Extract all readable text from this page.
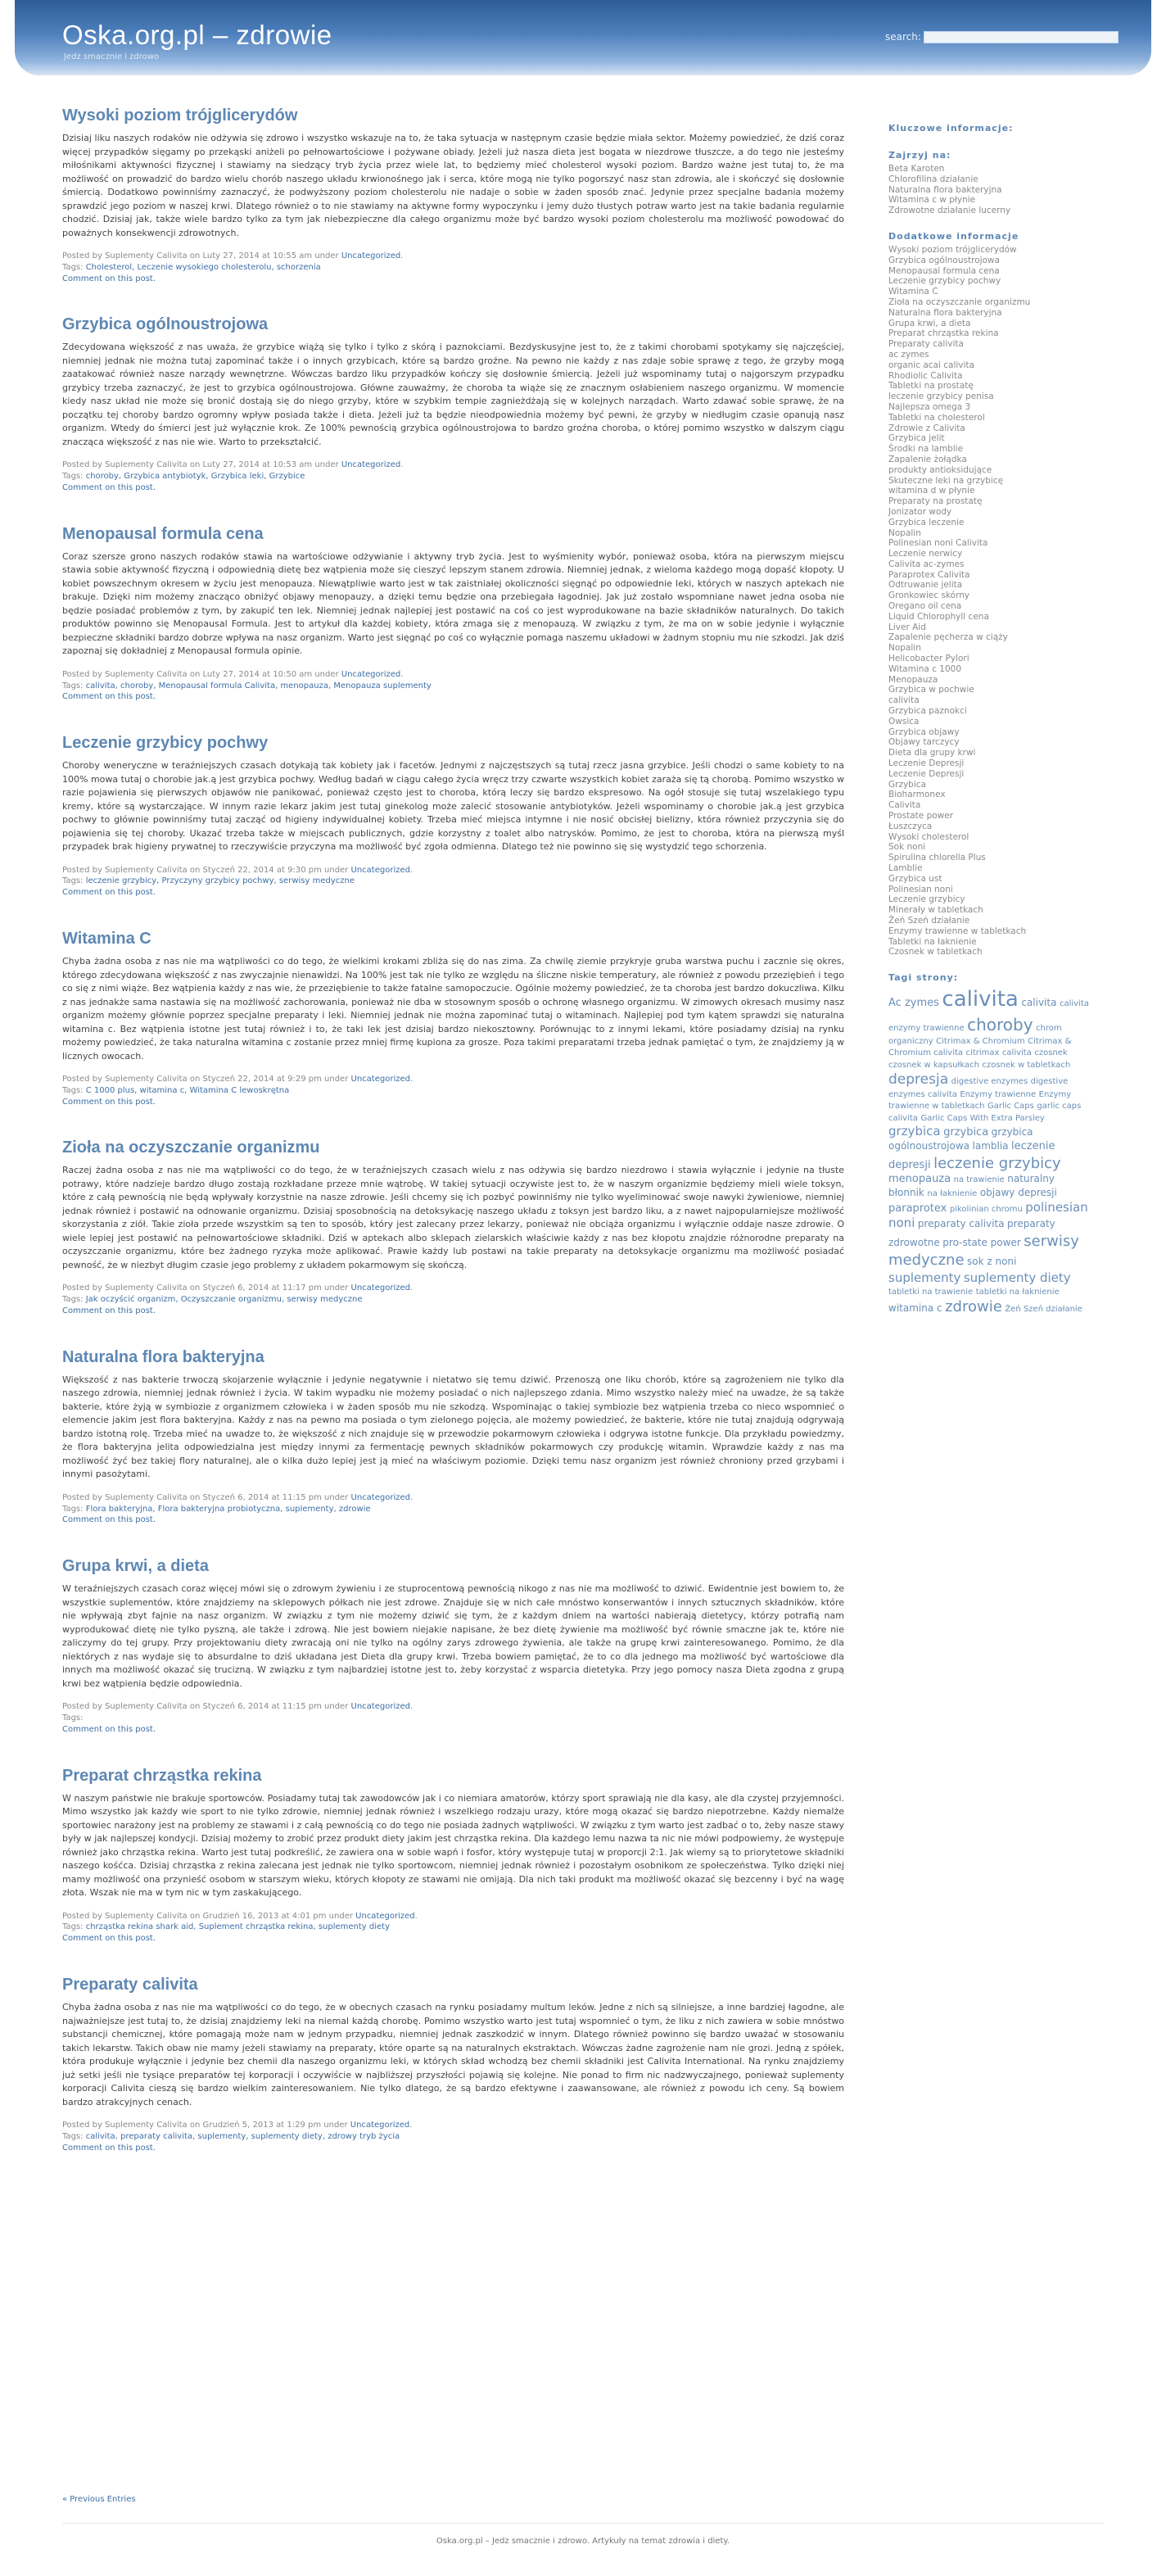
Oska.org.pl – zdrowie
Jedz smacznie i zdrowo
search:
Wysoki poziom trójglicerydów

Dzisiaj liku naszych rodaków nie odżywia się zdrowo i wszystko wskazuje na to, że taka sytuacja w następnym czasie będzie miała sektor. Możemy powiedzieć, że dziś coraz więcej przypadków sięgamy po przekąski aniżeli po pełnowartościowe i pożywane obiady. Jeżeli już nasza dieta jest bogata w niezdrowe tłuszcze, a do tego nie jesteśmy miłośnikami aktywności fizycznej i stawiamy na siedzący tryb życia przez wiele lat, to będziemy mieć cholesterol wysoki poziom. Bardzo ważne jest tutaj to, że ma możliwość on prowadzić do bardzo wielu chorób naszego układu krwionośnego jak i serca, które mogą nie tylko pogorszyć nasz stan zdrowia, ale i skończyć się dosłownie śmiercią. Dodatkowo powinniśmy zaznaczyć, że podwyższony poziom cholesterolu nie nadaje o sobie w żaden sposób znać. Jedynie przez specjalne badania możemy sprawdzić jego poziom w naszej krwi. Dlatego również o to nie stawiamy na aktywne formy wypoczynku i jemy dużo tłustych potraw warto jest na takie badania regularnie chodzić. Dzisiaj jak, także wiele bardzo tylko za tym jak niebezpieczne dla całego organizmu może być bardzo wysoki poziom cholesterolu ma możliwość powodować do poważnych konsekwencji zdrowotnych.

Posted by Suplementy Calivita on Luty 27, 2014 at 10:55 am under Uncategorized.
Tags: Cholesterol, Leczenie wysokiego cholesterolu, schorzenia
Comment on this post.
Grzybica ogólnoustrojowa

Zdecydowana większość z nas uważa, że grzybice wiążą się tylko i tylko z skórą i paznokciami. Bezdyskusyjne jest to, że z takimi chorobami spotykamy się najczęściej, niemniej jednak nie można tutaj zapominać także i o innych grzybicach, które są bardzo groźne. Na pewno nie każdy z nas zdaje sobie sprawę z tego, że grzyby mogą zaatakować również nasze narządy wewnętrzne. Wówczas bardzo liku przypadków kończy się dosłownie śmiercią. Jeżeli już wspominamy tutaj o najgorszym przypadku grzybicy trzeba zaznaczyć, że jest to grzybica ogólnoustrojowa. Główne zauważmy, że choroba ta wiąże się ze znacznym osłabieniem naszego organizmu. W momencie kiedy nasz układ nie może się bronić dostają się do niego grzyby, które w szybkim tempie zagnieżdżają się w kolejnych narządach. Warto zdawać sobie sprawę, że na początku tej choroby bardzo ogromny wpływ posiada także i dieta. Jeżeli już ta będzie nieodpowiednia możemy być pewni, że grzyby w niedługim czasie opanują nasz organizm. Wtedy do śmierci jest już wyłącznie krok. Ze 100% pewnością grzybica ogólnoustrojowa to bardzo groźna choroba, o której pomimo wszystko w dalszym ciągu znacząca większość z nas nie wie. Warto to przekształcić.

Posted by Suplementy Calivita on Luty 27, 2014 at 10:53 am under Uncategorized.
Tags: choroby, Grzybica antybiotyk, Grzybica leki, Grzybice
Comment on this post.
Menopausal formula cena

Coraz szersze grono naszych rodaków stawia na wartościowe odżywianie i aktywny tryb życia. Jest to wyśmienity wybór, ponieważ osoba, która na pierwszym miejscu stawia sobie aktywność fizyczną i odpowiednią dietę bez wątpienia może się cieszyć lepszym stanem zdrowia. Niemniej jednak, z wieloma każdego mogą dopaść kłopoty. U kobiet powszechnym okresem w życiu jest menopauza. Niewątpliwie warto jest w tak zaistniałej okoliczności sięgnąć po odpowiednie leki, których w naszych aptekach nie brakuje. Dzięki nim możemy znacząco obniżyć objawy menopauzy, a dzięki temu będzie ona przebiegała łagodniej. Jak już zostało wspomniane nawet jedna osoba nie będzie posiadać problemów z tym, by zakupić ten lek. Niemniej jednak najlepiej jest postawić na coś co jest wyprodukowane na bazie składników naturalnych. Do takich produktów powinno się Menopausal Formula. Jest to artykuł dla każdej kobiety, która zmaga się z menopauzą. W związku z tym, że ma on w sobie jedynie i wyłącznie bezpieczne składniki bardzo dobrze wpływa na nasz organizm. Warto jest sięgnąć po coś co wyłącznie pomaga naszemu układowi w żadnym stopniu mu nie szkodzi. Jak dziś zapoznaj się dokładniej z Menopausal formula opinie.

Posted by Suplementy Calivita on Luty 27, 2014 at 10:50 am under Uncategorized.
Tags: calivita, choroby, Menopausal formula Calivita, menopauza, Menopauza suplementy
Comment on this post.
Leczenie grzybicy pochwy

Choroby weneryczne w teraźniejszych czasach dotykają tak kobiety jak i facetów. Jednymi z najczęstszych są tutaj rzecz jasna grzybice. Jeśli chodzi o same kobiety to na 100% mowa tutaj o chorobie jak.ą jest grzybica pochwy. Według badań w ciągu całego życia wręcz trzy czwarte wszystkich kobiet zaraża się tą chorobą. Pomimo wszystko w razie pojawienia się pierwszych objawów nie panikować, ponieważ często jest to choroba, którą leczy się bardzo ekspresowo. Na ogół stosuje się tutaj wszelakiego typu kremy, które są wystarczające. W innym razie lekarz jakim jest tutaj ginekolog może zalecić stosowanie antybiotyków. Jeżeli wspominamy o chorobie jak.ą jest grzybica pochwy to głównie powinniśmy tutaj zacząć od higieny indywidualnej kobiety. Trzeba mieć miejsca intymne i nie nosić obcisłej bielizny, która również przyczynia się do pojawienia się tej choroby. Ukazać trzeba także w miejscach publicznych, gdzie korzystny z toalet albo natrysków. Pomimo, że jest to choroba, która na pierwszą myśl przypadek brak higieny prywatnej to rzeczywiście przyczyna ma możliwość być zgoła odmienna. Dlatego też nie powinno się się wystydzić tego schorzenia.

Posted by Suplementy Calivita on Styczeń 22, 2014 at 9:30 pm under Uncategorized.
Tags: leczenie grzybicy, Przyczyny grzybicy pochwy, serwisy medyczne
Comment on this post.
Witamina C

Chyba żadna osoba z nas nie ma wątpliwości co do tego, że wielkimi krokami zbliża się do nas zima. Za chwilę ziemie przykryje gruba warstwa puchu i zacznie się okres, którego zdecydowana większość z nas zwyczajnie nienawidzi. Na 100% jest tak nie tylko ze względu na śliczne niskie temperatury, ale również z powodu przeziębień i tego co się z nimi wiąże. Bez wątpienia każdy z nas wie, że przeziębienie to także fatalne samopoczucie. Ogólnie możemy powiedzieć, że ta choroba jest bardzo dokuczliwa. Kilku z nas jednakże sama nastawia się na możliwość zachorowania, ponieważ nie dba w stosownym sposób o ochronę własnego organizmu. W zimowych okresach musimy nasz organizm możemy głównie poprzez specjalne preparaty i leki. Niemniej jednak nie można zapominać tutaj o witaminach. Najlepiej pod tym kątem sprawdzi się naturalna witamina c. Bez wątpienia istotne jest tutaj również i to, że taki lek jest dzisiaj bardzo niekosztowny. Porównując to z innymi lekami, które posiadamy dzisiaj na rynku możemy powiedzieć, że taka naturalna witamina c zostanie przez mniej firmę kupiona za grosze. Poza takimi preparatami trzeba jednak pamiętać o tym, że znajdziemy ją w licznych owocach.

Posted by Suplementy Calivita on Styczeń 22, 2014 at 9:29 pm under Uncategorized.
Tags: C 1000 plus, witamina c, Witamina C lewoskrętna
Comment on this post.
Zioła na oczyszczanie organizmu

Raczej żadna osoba z nas nie ma wątpliwości co do tego, że w teraźniejszych czasach wielu z nas odżywia się bardzo niezdrowo i stawia wyłącznie i jedynie na tłuste potrawy, które nadzieje bardzo długo zostają rozkładane przeze mnie wątrobę. W takiej sytuacji oczywiste jest to, że w naszym organizmie będziemy mieli wiele toksyn, które z całą pewnością nie będą wpływały korzystnie na nasze zdrowie. Jeśli chcemy się ich pozbyć powinniśmy nie tylko wyeliminować swoje nawyki żywieniowe, niemniej jednak również i postawić na odnowanie organizmu. Dzisiaj sposobnością na detoksykację naszego układu z toksyn jest bardzo liku, a z nawet najpopularniejsze możliwość skorzystania z ziół. Takie zioła przede wszystkim są ten to sposób, który jest zalecany przez lekarzy, ponieważ nie obciąża organizmu i wyłącznie oddaje nasze zdrowie. O wiele lepiej jest postawić na pełnowartościowe składniki. Dziś w aptekach albo sklepach zielarskich właściwie każdy z nas bez kłopotu znajdzie różnorodne preparaty na oczyszczanie organizmu, które bez żadnego ryzyka może aplikować. Prawie każdy lub postawi na takie preparaty na detoksykacje organizmu ma możliwość posiadać pewność, że w niezbyt długim czasie jego problemy z układem pokarmowym się skończą.

Posted by Suplementy Calivita on Styczeń 6, 2014 at 11:17 pm under Uncategorized.
Tags: Jak oczyścić organizm, Oczyszczanie organizmu, serwisy medyczne
Comment on this post.
Naturalna flora bakteryjna

Większość z nas bakterie trwoczą skojarzenie wyłącznie i jedynie negatywnie i nietatwo się temu dziwić. Przenoszą one liku chorób, które są zagrożeniem nie tylko dla naszego zdrowia, niemniej jednak również i życia. W takim wypadku nie możemy posiadać o nich najlepszego zdania. Mimo wszystko należy mieć na uwadze, że są także bakterie, które żyją w symbiozie z organizmem człowieka i w żaden sposób mu nie szkodzą. Wspominając o takiej symbiozie bez wątpienia trzeba co nieco wspomnieć o elemencie jakim jest flora bakteryjna. Każdy z nas na pewno ma posiada o tym zielonego pojęcia, ale możemy powiedzieć, że bakterie, które nie tutaj znajdują odgrywają bardzo istotną rolę. Trzeba mieć na uwadze to, że większość z nich znajduje się w przewodzie pokarmowym człowieka i odgrywa istotne funkcje. Dla przykładu powiedzmy, że flora bakteryjna jelita odpowiedzialna jest między innymi za fermentację pewnych składników pokarmowych czy produkcję witamin. Wprawdzie każdy z nas ma możliwość żyć bez takiej flory naturalnej, ale o kilka dużo lepiej jest ją mieć na właściwym poziomie. Dzięki temu nasz organizm jest również chroniony przed grzybami i innymi pasożytami.

Posted by Suplementy Calivita on Styczeń 6, 2014 at 11:15 pm under Uncategorized.
Tags: Flora bakteryjna, Flora bakteryjna probiotyczna, suplementy, zdrowie
Comment on this post.
Grupa krwi, a dieta

W teraźniejszych czasach coraz więcej mówi się o zdrowym żywieniu i ze stuprocentową pewnością nikogo z nas nie ma możliwość to dziwić. Ewidentnie jest bowiem to, że wszystkie suplementów, które znajdziemy na sklepowych półkach nie jest zdrowe. Znajduje się w nich całe mnóstwo konserwantów i innych sztucznych składników, które nie wpływają zbyt fajnie na nasz organizm. W związku z tym nie możemy dziwić się tym, że z każdym dniem na wartości nabierają dietetycy, którzy potrafią nam wyprodukować dietę nie tylko pyszną, ale także i zdrową. Nie jest bowiem niejakie napisane, że bez dietę żywienie ma możliwość być równie smaczne jak te, które nie zaliczymy do tej grupy. Przy projektowaniu diety zwracają oni nie tylko na ogólny zarys zdrowego żywienia, ale także na grupę krwi zainteresowanego. Pomimo, że dla niektórych z nas wydaje się to absurdalne to dziś układana jest Dieta dla grupy krwi. Trzeba bowiem pamiętać, że to co dla jednego ma możliwość być wartościowe dla innych ma możliwość okazać się trucizną. W związku z tym najbardziej istotne jest to, żeby korzystać z wsparcia dietetyka. Przy jego pomocy nasza Dieta zgodna z grupą krwi bez wątpienia będzie odpowiednia.

Posted by Suplementy Calivita on Styczeń 6, 2014 at 11:15 pm under Uncategorized.
Tags:
Comment on this post.
Preparat chrząstka rekina

W naszym państwie nie brakuje sportowców. Posiadamy tutaj tak zawodowców jak i co niemiara amatorów, którzy sport sprawiają nie dla kasy, ale dla czystej przyjemności. Mimo wszystko jak każdy wie sport to nie tylko zdrowie, niemniej jednak również i wszelkiego rodzaju urazy, które mogą okazać się bardzo niepotrzebne. Każdy niemalże sportowiec narażony jest na problemy ze stawami i z całą pewnością co do tego nie posiada żadnych wątpliwości. W związku z tym warto jest zadbać o to, żeby nasze stawy były w jak najlepszej kondycji. Dzisiaj możemy to zrobić przez produkt diety jakim jest chrząstka rekina. Dla każdego lemu nazwa ta nic nie mówi podpowiemy, że występuje również jako chrząstka rekina. Warto jest tutaj podkreślić, że zawiera ona w sobie wapń i fosfor, który występuje tutaj w proporcji 2:1. Jak wiemy są to priorytetowe składniki naszego kośćca. Dzisiaj chrząstka z rekina zalecana jest jednak nie tylko sportowcom, niemniej jednak również i pozostałym osobnikom ze społeczeństwa. Tylko dzięki niej mamy możliwość ona przynieść osobom w starszym wieku, których kłopoty ze stawami nie omijają. Dla nich taki produkt ma możliwość okazać się bezcenny i być na wagę złota. Wszak nie ma w tym nic w tym zaskakującego.

Posted by Suplementy Calivita on Grudzień 16, 2013 at 4:01 pm under Uncategorized.
Tags: chrząstka rekina shark aid, Suplement chrząstka rekina, suplementy diety
Comment on this post.
Preparaty calivita

Chyba żadna osoba z nas nie ma wątpliwości co do tego, że w obecnych czasach na rynku posiadamy multum leków. Jedne z nich są silniejsze, a inne bardziej łagodne, ale najważniejsze jest tutaj to, że dzisiaj znajdziemy leki na niemal każdą chorobę. Pomimo wszystko warto jest tutaj wspomnieć o tym, że liku z nich zawiera w sobie mnóstwo substancji chemicznej, które pomagają może nam w jednym przypadku, niemniej jednak zaszkodzić w innym. Dlatego również powinno się bardzo uważać w stosowaniu takich lekarstw. Takich obaw nie mamy jeżeli stawiamy na preparaty, które oparte są na naturalnych ekstraktach. Wówczas żadne zagrożenie nam nie grozi. Jedną z spółek, która produkuje wyłącznie i jedynie bez chemii dla naszego organizmu leki, w których skład wchodzą bez chemii składniki jest Calivita International. Na rynku znajdziemy już setki jeśli nie tysiące preparatów tej korporacji i oczywiście w najbliższej przyszłości pojawią się kolejne. Nie ponad to firm nic nadzwyczajnego, ponieważ suplementy korporacji Calivita cieszą się bardzo wielkim zainteresowaniem. Nie tylko dlatego, że są bardzo efektywne i zaawansowane, ale również z powodu ich ceny. Są bowiem bardzo atrakcyjnych cenach.

Posted by Suplementy Calivita on Grudzień 5, 2013 at 1:29 pm under Uncategorized.
Tags: calivita, preparaty calivita, suplementy, suplementy diety, zdrowy tryb życia
Comment on this post.
« Previous Entries
Oska.org.pl – Jedz smacznie i zdrowo. Artykuły na temat zdrowia i diety.
Kluczowe informacje:
Zajrzyj na:
Beta Karoten
Chlorofilina działanie
Naturalna flora bakteryjna
Witamina c w płynie
Zdrowotne działanie lucerny
Dodatkowe informacje
Wysoki poziom trójglicerydów
Grzybica ogólnoustrojowa
Menopausal formula cena
Leczenie grzybicy pochwy
Witamina C
Zioła na oczyszczanie organizmu
Naturalna flora bakteryjna
Grupa krwi, a dieta
Preparat chrząstka rekina
Preparaty calivita
ac zymes
organic acai calivita
Rhodiolic Calivita
Tabletki na prostatę
leczenie grzybicy penisa
Najlepsza omega 3
Tabletki na cholesterol
Zdrowie z Calivita
Grzybica jelit
Środki na lamblie
Zapalenie żołądka
produkty antioksidujące
Skuteczne leki na grzybicę
witamina d w płynie
Preparaty na prostatę
Jonizator wody
Grzybica leczenie
Nopalin
Polinesian noni Calivita
Leczenie nerwicy
Calivita ac-zymes
Paraprotex Calivita
Odtruwanie jelita
Gronkowiec skórny
Oregano oil cena
Liquid Chlorophyll cena
Liver Aid
Zapalenie pęcherza w ciąży
Nopalin
Helicobacter Pylori
Witamina c 1000
Menopauza
Grzybica w pochwie
calivita
Grzybica paznokci
Owsica
Grzybica objawy
Objawy tarczycy
Dieta dla grupy krwi
Leczenie Depresji
Leczenie Depresji
Grzybica
Bioharmonex
Calivita
Prostate power
Łuszczyca
Wysoki cholesterol
Sok noni
Spirulina chlorella Plus
Lamblie
Grzybica ust
Polinesian noni
Leczenie grzybicy
Minerały w tabletkach
Żeń Szeń działanie
Enzymy trawienne w tabletkach
Tabletki na łaknienie
Czosnek w tabletkach
Tagi strony:
Ac zymes calivita calivita calivita enzymy trawienne choroby chrom organiczny Citrimax & Chromium Citrimax & Chromium calivita citrimax calivita czosnek czosnek w kapsułkach czosnek w tabletkach depresja digestive enzymes digestive enzymes calivita Enzymy trawienne Enzymy trawienne w tabletkach Garlic Caps garlic caps calivita Garlic Caps With Extra Parsley grzybica grzybica grzybica ogólnoustrojowa lamblia leczenie depresji leczenie grzybicy menopauza na trawienie naturalny błonnik na łaknienie objawy depresji paraprotex pikolinian chromu polinesian noni preparaty calivita preparaty zdrowotne pro-state power serwisy medyczne sok z noni suplementy suplementy diety tabletki na trawienie tabletki na łaknienie witamina c zdrowie Żeń Szeń działanie
